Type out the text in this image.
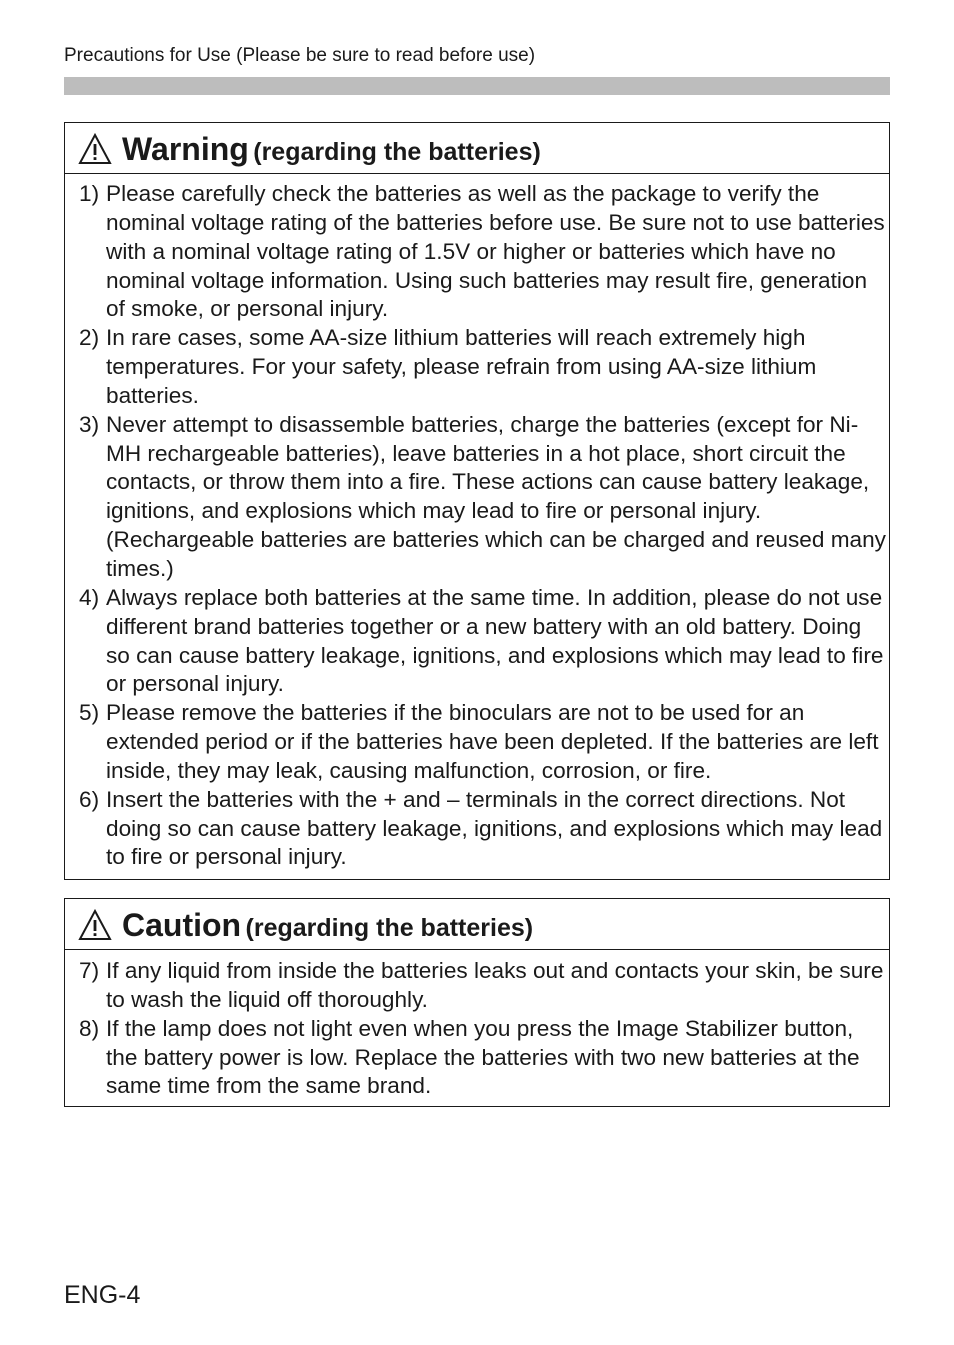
Precautions for Use (Please be sure to read before use)
Warning (regarding the batteries)
1) Please carefully check the batteries as well as the package to verify the nominal voltage rating of the batteries before use. Be sure not to use batteries with a nominal voltage rating of 1.5V or higher or batteries which have no nominal voltage information. Using such batteries may result fire, generation of smoke, or personal injury.
2) In rare cases, some AA-size lithium batteries will reach extremely high temperatures. For your safety, please refrain from using AA-size lithium batteries.
3) Never attempt to disassemble batteries, charge the batteries (except for Ni-MH rechargeable batteries), leave batteries in a hot place, short circuit the contacts, or throw them into a fire. These actions can cause battery leakage, ignitions, and explosions which may lead to fire or personal injury. (Rechargeable batteries are batteries which can be charged and reused many times.)
4) Always replace both batteries at the same time. In addition, please do not use different brand batteries together or a new battery with an old battery. Doing so can cause battery leakage, ignitions, and explosions which may lead to fire or personal injury.
5) Please remove the batteries if the binoculars are not to be used for an extended period or if the batteries have been depleted. If the batteries are left inside, they may leak, causing malfunction, corrosion, or fire.
6) Insert the batteries with the + and – terminals in the correct directions. Not doing so can cause battery leakage, ignitions, and explosions which may lead to fire or personal injury.
Caution (regarding the batteries)
7) If any liquid from inside the batteries leaks out and contacts your skin, be sure to wash the liquid off thoroughly.
8) If the lamp does not light even when you press the Image Stabilizer button, the battery power is low. Replace the batteries with two new batteries at the same time from the same brand.
ENG-4
